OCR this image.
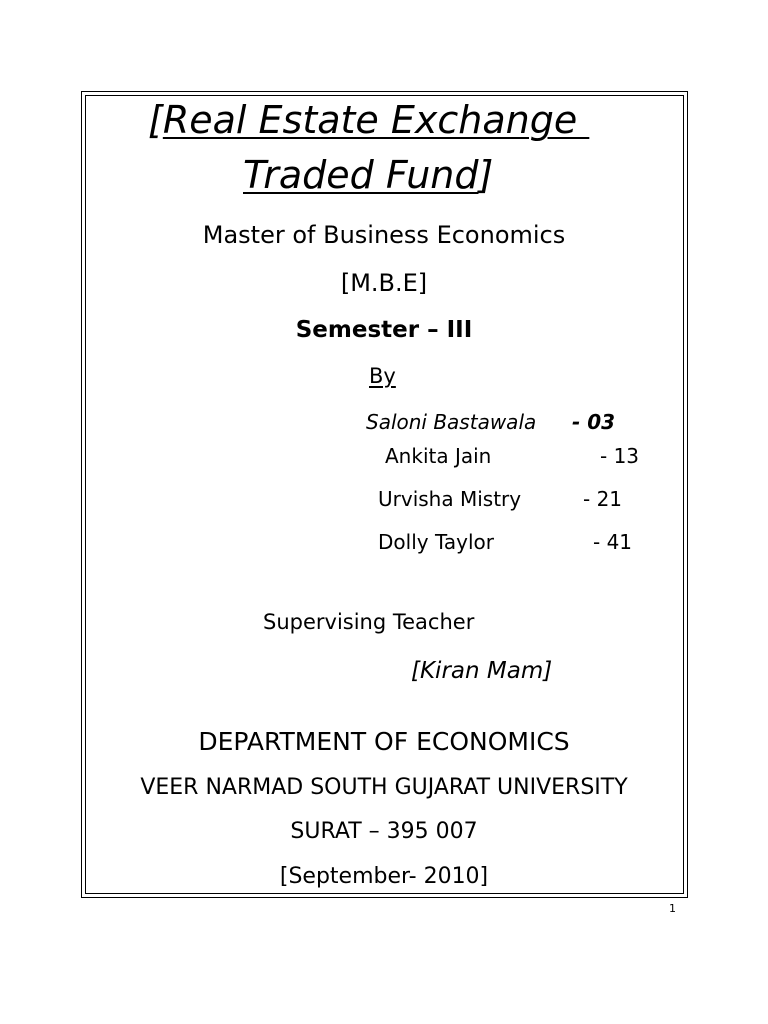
[Real Estate Exchange
Traded Fund]
Master of Business Economics
[M.B.E]
Semester – III
By
Saloni Bastawala - 03
Ankita Jain	- 13
Urvisha Mistry	- 21
Dolly Taylor	- 41
Supervising Teacher
[Kiran Mam]
DEPARTMENT OF ECONOMICS
VEER NARMAD SOUTH GUJARAT UNIVERSITY
SURAT – 395 007
[September- 2010]
1
